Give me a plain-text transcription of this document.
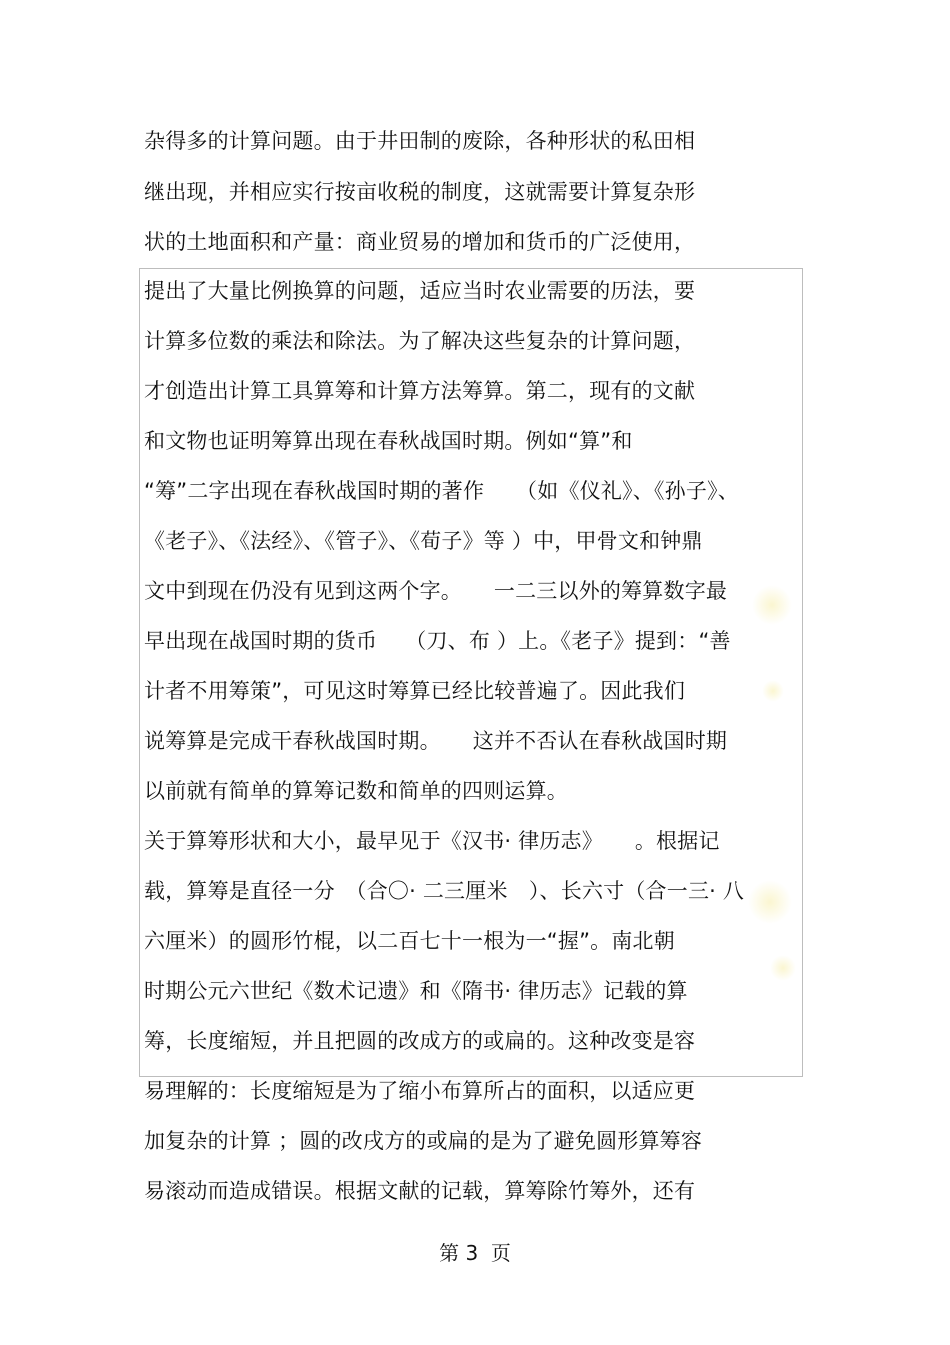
杂得多的计算问题。由于井田制的废除，各种形状的私田相
继出现，并相应实行按亩收税的制度，这就需要计算复杂形
状的土地面积和产量：商业贸易的增加和货币的广泛使用，
提出了大量比例换算的问题，适应当时农业需要的历法，要
计算多位数的乘法和除法。为了解决这些复杂的计算问题，
才创造出计算工具算筹和计算方法筹算。第二，现有的文献
和文物也证明筹算出现在春秋战国时期。例如“算”和
“筹”二字出现在春秋战国时期的著作　　（如《仪礼》、《孙子》、
《老子》、《法经》、《管子》、《荀子》等 ）中，甲骨文和钟鼎
文中到现在仍没有见到这两个字。　　一二三以外的筹算数字最
早出现在战国时期的货币　 （刀、布 ）上。《老子》提到：“善
计者不用筹策”，可见这时筹算已经比较普遍了。因此我们
说筹算是完成干春秋战国时期。　　这并不否认在春秋战国时期
以前就有简单的算筹记数和简单的四则运算。
关于算筹形状和大小，最早见于《汉书· 律历志》　　。根据记
载，算筹是直径一分　（合〇· 二三厘米　）、长六寸（合一三· 八
六厘米）的圆形竹棍，以二百七十一根为一“握”。南北朝
时期公元六世纪《数术记遗》和《隋书· 律历志》记载的算
筹，长度缩短，并且把圆的改成方的或扁的。这种改变是容
易理解的：长度缩短是为了缩小布算所占的面积，以适应更
加复杂的计算 ；圆的改戌方的或扁的是为了避免圆形算筹容
易滚动而造成错误。根据文献的记载，算筹除竹筹外，还有
第 3  页
